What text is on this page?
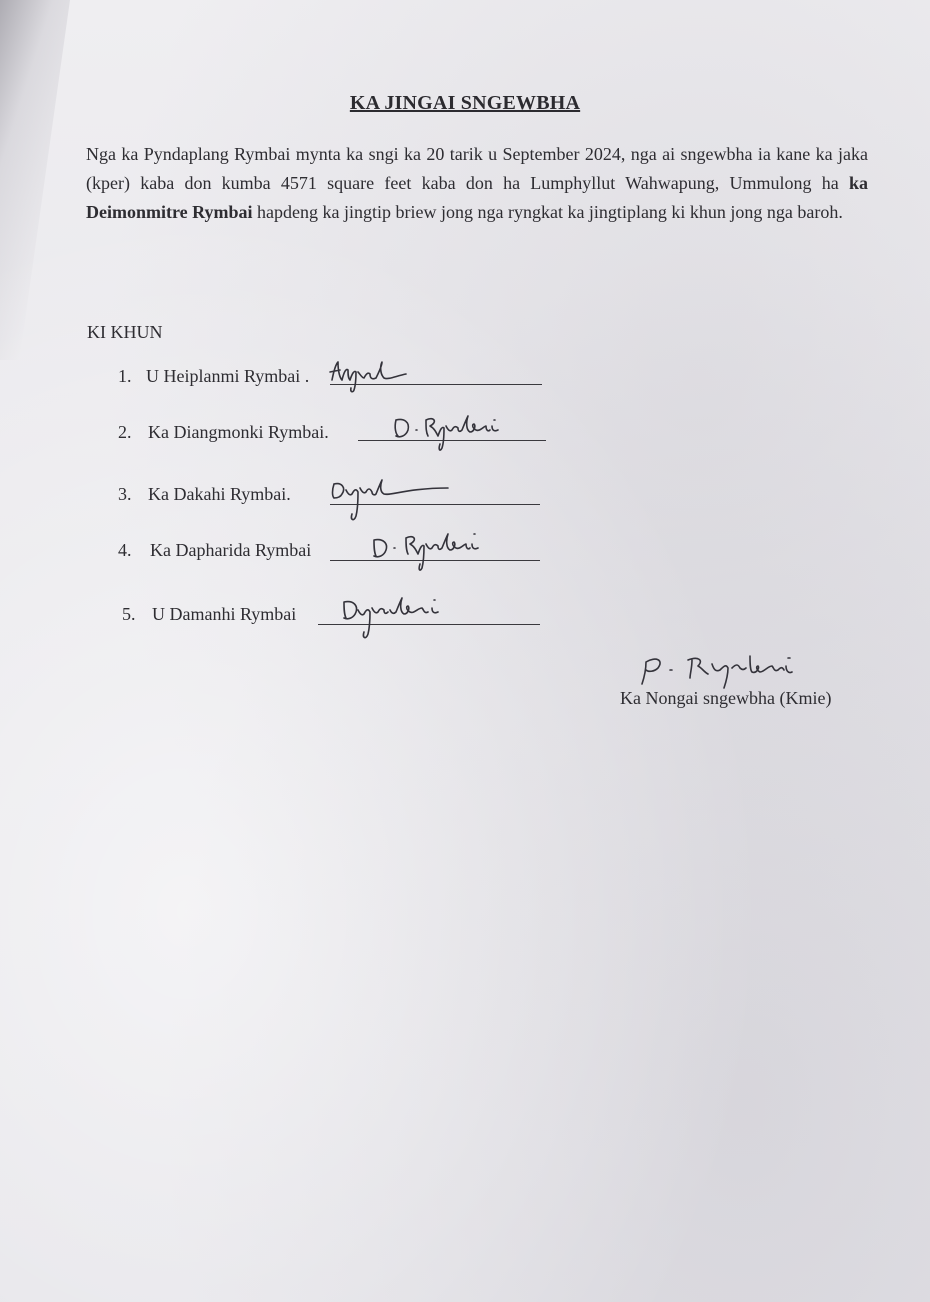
KA JINGAI SNGEWBHA
Nga ka Pyndaplang Rymbai mynta ka sngi ka 20 tarik u September 2024, nga ai sngewbha ia kane ka jaka (kper) kaba don kumba 4571 square feet kaba don ha Lumphyllut Wahwapung, Ummulong ha ka Deimonmitre Rymbai hapdeng ka jingtip briew jong nga ryngkat ka jingtiplang ki khun jong nga baroh.
KI KHUN
1. U Heiplanmi Rymbai .
2. Ka Diangmonki Rymbai.
3. Ka Dakahi Rymbai.
4. Ka Dapharida Rymbai
5. U Damanhi Rymbai
Ka Nongai sngewbha (Kmie)
